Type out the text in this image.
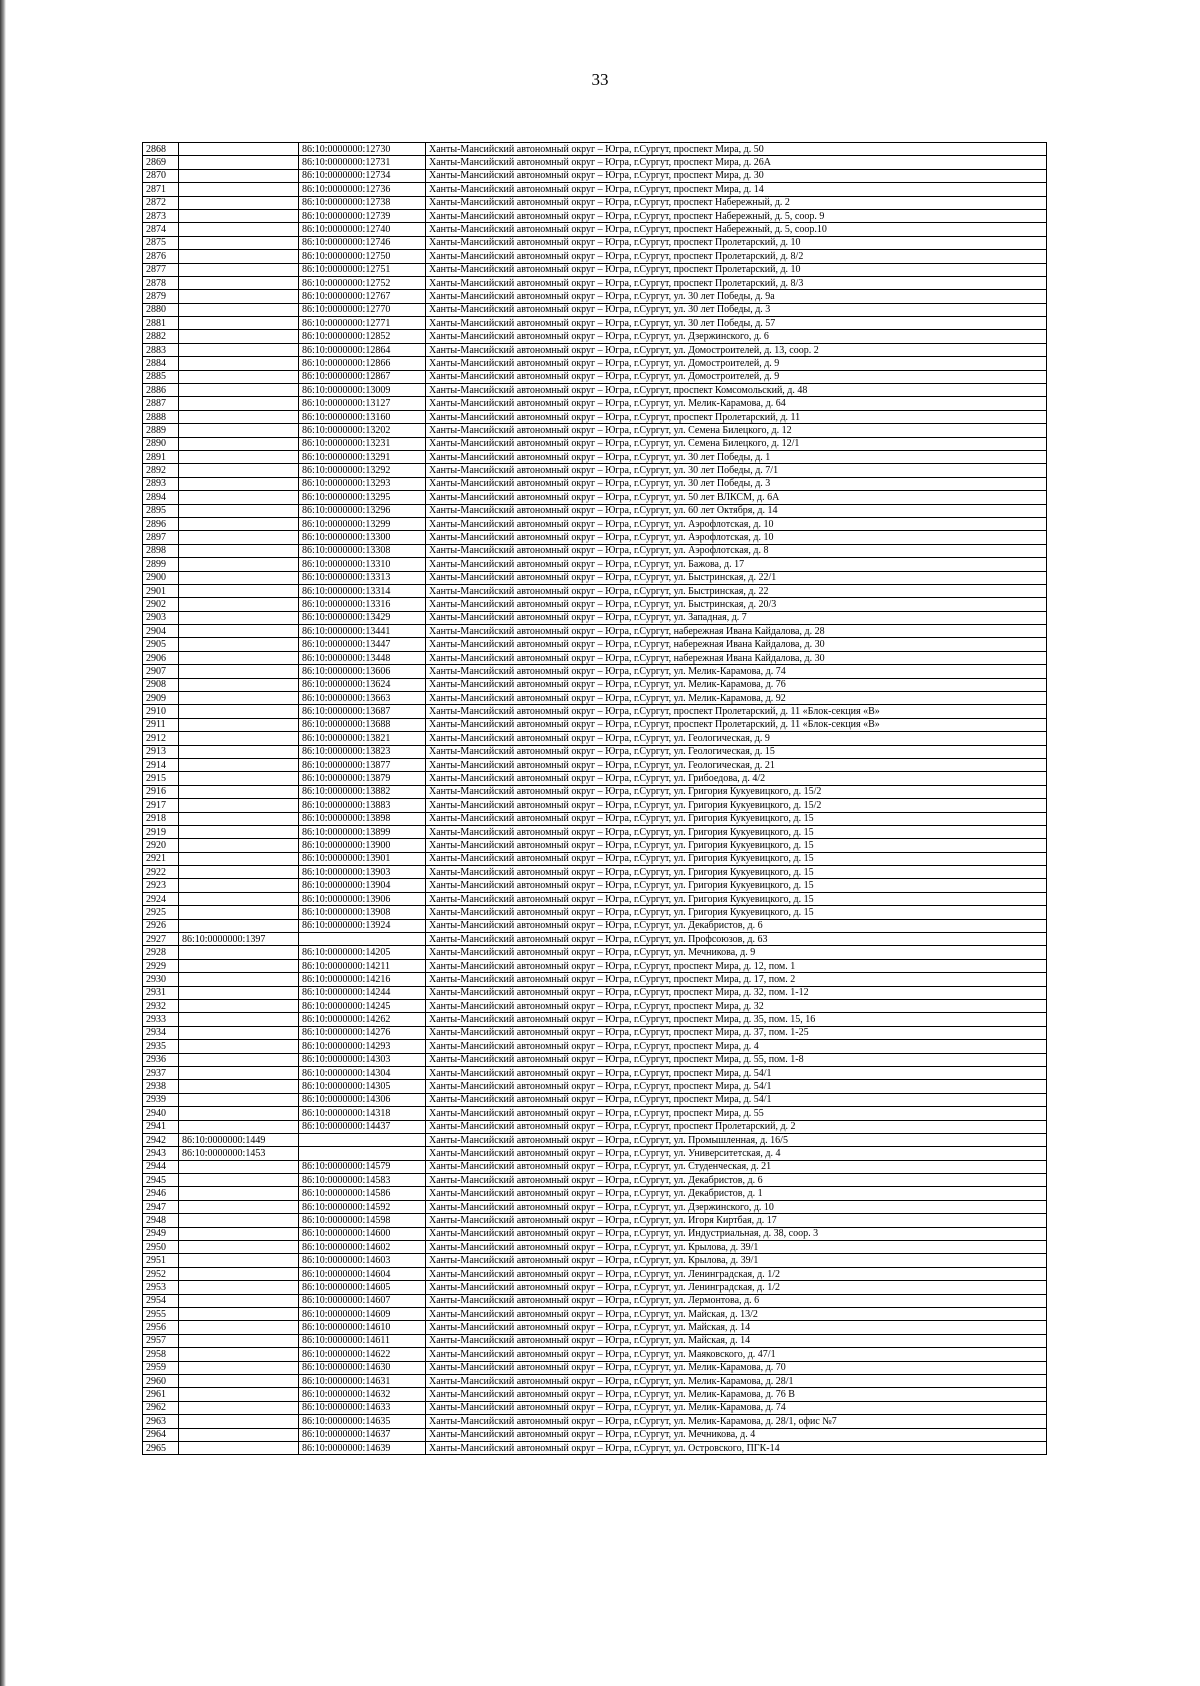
33
2868		86:10:0000000:12730	Ханты-Мансийский автономный округ – Югра, г.Сургут, проспект Мира, д. 50
2869		86:10:0000000:12731	Ханты-Мансийский автономный округ – Югра, г.Сургут, проспект Мира, д. 26А
2870		86:10:0000000:12734	Ханты-Мансийский автономный округ – Югра, г.Сургут, проспект Мира, д. 30
2871		86:10:0000000:12736	Ханты-Мансийский автономный округ – Югра, г.Сургут, проспект Мира, д. 14
2872		86:10:0000000:12738	Ханты-Мансийский автономный округ – Югра, г.Сургут, проспект Набережный, д. 2
2873		86:10:0000000:12739	Ханты-Мансийский автономный округ – Югра, г.Сургут, проспект Набережный, д. 5, соор. 9
2874		86:10:0000000:12740	Ханты-Мансийский автономный округ – Югра, г.Сургут, проспект Набережный, д. 5, соор.10
2875		86:10:0000000:12746	Ханты-Мансийский автономный округ – Югра, г.Сургут, проспект Пролетарский, д. 10
2876		86:10:0000000:12750	Ханты-Мансийский автономный округ – Югра, г.Сургут, проспект Пролетарский, д. 8/2
2877		86:10:0000000:12751	Ханты-Мансийский автономный округ – Югра, г.Сургут, проспект Пролетарский, д. 10
2878		86:10:0000000:12752	Ханты-Мансийский автономный округ – Югра, г.Сургут, проспект Пролетарский, д. 8/3
2879		86:10:0000000:12767	Ханты-Мансийский автономный округ – Югра, г.Сургут, ул. 30 лет Победы, д. 9а
2880		86:10:0000000:12770	Ханты-Мансийский автономный округ – Югра, г.Сургут, ул. 30 лет Победы, д. 3
2881		86:10:0000000:12771	Ханты-Мансийский автономный округ – Югра, г.Сургут, ул. 30 лет Победы, д. 57
2882		86:10:0000000:12852	Ханты-Мансийский автономный округ – Югра, г.Сургут, ул. Дзержинского, д. 6
2883		86:10:0000000:12864	Ханты-Мансийский автономный округ – Югра, г.Сургут, ул. Домостроителей, д. 13, соор. 2
2884		86:10:0000000:12866	Ханты-Мансийский автономный округ – Югра, г.Сургут, ул. Домостроителей, д. 9
2885		86:10:0000000:12867	Ханты-Мансийский автономный округ – Югра, г.Сургут, ул. Домостроителей, д. 9
2886		86:10:0000000:13009	Ханты-Мансийский автономный округ – Югра, г.Сургут, проспект Комсомольский, д. 48
2887		86:10:0000000:13127	Ханты-Мансийский автономный округ – Югра, г.Сургут, ул. Мелик-Карамова, д. 64
2888		86:10:0000000:13160	Ханты-Мансийский автономный округ – Югра, г.Сургут, проспект Пролетарский, д. 11
2889		86:10:0000000:13202	Ханты-Мансийский автономный округ – Югра, г.Сургут, ул. Семена Билецкого, д. 12
2890		86:10:0000000:13231	Ханты-Мансийский автономный округ – Югра, г.Сургут, ул. Семена Билецкого, д. 12/1
2891		86:10:0000000:13291	Ханты-Мансийский автономный округ – Югра, г.Сургут, ул. 30 лет Победы, д. 1
2892		86:10:0000000:13292	Ханты-Мансийский автономный округ – Югра, г.Сургут, ул. 30 лет Победы, д. 7/1
2893		86:10:0000000:13293	Ханты-Мансийский автономный округ – Югра, г.Сургут, ул. 30 лет Победы, д. 3
2894		86:10:0000000:13295	Ханты-Мансийский автономный округ – Югра, г.Сургут, ул. 50 лет ВЛКСМ, д. 6А
2895		86:10:0000000:13296	Ханты-Мансийский автономный округ – Югра, г.Сургут, ул. 60 лет Октября, д. 14
2896		86:10:0000000:13299	Ханты-Мансийский автономный округ – Югра, г.Сургут, ул. Аэрофлотская, д. 10
2897		86:10:0000000:13300	Ханты-Мансийский автономный округ – Югра, г.Сургут, ул. Аэрофлотская, д. 10
2898		86:10:0000000:13308	Ханты-Мансийский автономный округ – Югра, г.Сургут, ул. Аэрофлотская, д. 8
2899		86:10:0000000:13310	Ханты-Мансийский автономный округ – Югра, г.Сургут, ул. Бажова, д. 17
2900		86:10:0000000:13313	Ханты-Мансийский автономный округ – Югра, г.Сургут, ул. Быстринская, д. 22/1
2901		86:10:0000000:13314	Ханты-Мансийский автономный округ – Югра, г.Сургут, ул. Быстринская, д. 22
2902		86:10:0000000:13316	Ханты-Мансийский автономный округ – Югра, г.Сургут, ул. Быстринская, д. 20/3
2903		86:10:0000000:13429	Ханты-Мансийский автономный округ – Югра, г.Сургут, ул. Западная, д. 7
2904		86:10:0000000:13441	Ханты-Мансийский автономный округ – Югра, г.Сургут, набережная Ивана Кайдалова, д. 28
2905		86:10:0000000:13447	Ханты-Мансийский автономный округ – Югра, г.Сургут, набережная Ивана Кайдалова, д. 30
2906		86:10:0000000:13448	Ханты-Мансийский автономный округ – Югра, г.Сургут, набережная Ивана Кайдалова, д. 30
2907		86:10:0000000:13606	Ханты-Мансийский автономный округ – Югра, г.Сургут, ул. Мелик-Карамова, д. 74
2908		86:10:0000000:13624	Ханты-Мансийский автономный округ – Югра, г.Сургут, ул. Мелик-Карамова, д. 76
2909		86:10:0000000:13663	Ханты-Мансийский автономный округ – Югра, г.Сургут, ул. Мелик-Карамова, д. 92
2910		86:10:0000000:13687	Ханты-Мансийский автономный округ – Югра, г.Сургут, проспект Пролетарский, д. 11 «Блок-секция «В»
2911		86:10:0000000:13688	Ханты-Мансийский автономный округ – Югра, г.Сургут, проспект Пролетарский, д. 11 «Блок-секция «В»
2912		86:10:0000000:13821	Ханты-Мансийский автономный округ – Югра, г.Сургут, ул. Геологическая, д. 9
2913		86:10:0000000:13823	Ханты-Мансийский автономный округ – Югра, г.Сургут, ул. Геологическая, д. 15
2914		86:10:0000000:13877	Ханты-Мансийский автономный округ – Югра, г.Сургут, ул. Геологическая, д. 21
2915		86:10:0000000:13879	Ханты-Мансийский автономный округ – Югра, г.Сургут, ул. Грибоедова, д. 4/2
2916		86:10:0000000:13882	Ханты-Мансийский автономный округ – Югра, г.Сургут, ул. Григория Кукуевицкого, д. 15/2
2917		86:10:0000000:13883	Ханты-Мансийский автономный округ – Югра, г.Сургут, ул. Григория Кукуевицкого, д. 15/2
2918		86:10:0000000:13898	Ханты-Мансийский автономный округ – Югра, г.Сургут, ул. Григория Кукуевицкого, д. 15
2919		86:10:0000000:13899	Ханты-Мансийский автономный округ – Югра, г.Сургут, ул. Григория Кукуевицкого, д. 15
2920		86:10:0000000:13900	Ханты-Мансийский автономный округ – Югра, г.Сургут, ул. Григория Кукуевицкого, д. 15
2921		86:10:0000000:13901	Ханты-Мансийский автономный округ – Югра, г.Сургут, ул. Григория Кукуевицкого, д. 15
2922		86:10:0000000:13903	Ханты-Мансийский автономный округ – Югра, г.Сургут, ул. Григория Кукуевицкого, д. 15
2923		86:10:0000000:13904	Ханты-Мансийский автономный округ – Югра, г.Сургут, ул. Григория Кукуевицкого, д. 15
2924		86:10:0000000:13906	Ханты-Мансийский автономный округ – Югра, г.Сургут, ул. Григория Кукуевицкого, д. 15
2925		86:10:0000000:13908	Ханты-Мансийский автономный округ – Югра, г.Сургут, ул. Григория Кукуевицкого, д. 15
2926		86:10:0000000:13924	Ханты-Мансийский автономный округ – Югра, г.Сургут, ул. Декабристов, д. 6
2927	86:10:0000000:1397		Ханты-Мансийский автономный округ – Югра, г.Сургут, ул. Профсоюзов, д. 63
2928		86:10:0000000:14205	Ханты-Мансийский автономный округ – Югра, г.Сургут, ул. Мечникова, д. 9
2929		86:10:0000000:14211	Ханты-Мансийский автономный округ – Югра, г.Сургут, проспект Мира, д. 12, пом. 1
2930		86:10:0000000:14216	Ханты-Мансийский автономный округ – Югра, г.Сургут, проспект Мира, д. 17, пом. 2
2931		86:10:0000000:14244	Ханты-Мансийский автономный округ – Югра, г.Сургут, проспект Мира, д. 32, пом. 1-12
2932		86:10:0000000:14245	Ханты-Мансийский автономный округ – Югра, г.Сургут, проспект Мира, д. 32
2933		86:10:0000000:14262	Ханты-Мансийский автономный округ – Югра, г.Сургут, проспект Мира, д. 35, пом. 15, 16
2934		86:10:0000000:14276	Ханты-Мансийский автономный округ – Югра, г.Сургут, проспект Мира, д. 37, пом. 1-25
2935		86:10:0000000:14293	Ханты-Мансийский автономный округ – Югра, г.Сургут, проспект Мира, д. 4
2936		86:10:0000000:14303	Ханты-Мансийский автономный округ – Югра, г.Сургут, проспект Мира, д. 55, пом. 1-8
2937		86:10:0000000:14304	Ханты-Мансийский автономный округ – Югра, г.Сургут, проспект Мира, д. 54/1
2938		86:10:0000000:14305	Ханты-Мансийский автономный округ – Югра, г.Сургут, проспект Мира, д. 54/1
2939		86:10:0000000:14306	Ханты-Мансийский автономный округ – Югра, г.Сургут, проспект Мира, д. 54/1
2940		86:10:0000000:14318	Ханты-Мансийский автономный округ – Югра, г.Сургут, проспект Мира, д. 55
2941		86:10:0000000:14437	Ханты-Мансийский автономный округ – Югра, г.Сургут, проспект Пролетарский, д. 2
2942	86:10:0000000:1449		Ханты-Мансийский автономный округ – Югра, г.Сургут, ул. Промышленная, д. 16/5
2943	86:10:0000000:1453		Ханты-Мансийский автономный округ – Югра, г.Сургут, ул. Университетская, д. 4
2944		86:10:0000000:14579	Ханты-Мансийский автономный округ – Югра, г.Сургут, ул. Студенческая, д. 21
2945		86:10:0000000:14583	Ханты-Мансийский автономный округ – Югра, г.Сургут, ул. Декабристов, д. 6
2946		86:10:0000000:14586	Ханты-Мансийский автономный округ – Югра, г.Сургут, ул. Декабристов, д. 1
2947		86:10:0000000:14592	Ханты-Мансийский автономный округ – Югра, г.Сургут, ул. Дзержинского, д. 10
2948		86:10:0000000:14598	Ханты-Мансийский автономный округ – Югра, г.Сургут, ул. Игоря Киртбая, д. 17
2949		86:10:0000000:14600	Ханты-Мансийский автономный округ – Югра, г.Сургут, ул. Индустриальная, д. 38, соор. 3
2950		86:10:0000000:14602	Ханты-Мансийский автономный округ – Югра, г.Сургут, ул. Крылова, д. 39/1
2951		86:10:0000000:14603	Ханты-Мансийский автономный округ – Югра, г.Сургут, ул. Крылова, д. 39/1
2952		86:10:0000000:14604	Ханты-Мансийский автономный округ – Югра, г.Сургут, ул. Ленинградская, д. 1/2
2953		86:10:0000000:14605	Ханты-Мансийский автономный округ – Югра, г.Сургут, ул. Ленинградская, д. 1/2
2954		86:10:0000000:14607	Ханты-Мансийский автономный округ – Югра, г.Сургут, ул. Лермонтова, д. 6
2955		86:10:0000000:14609	Ханты-Мансийский автономный округ – Югра, г.Сургут, ул. Майская, д. 13/2
2956		86:10:0000000:14610	Ханты-Мансийский автономный округ – Югра, г.Сургут, ул. Майская, д. 14
2957		86:10:0000000:14611	Ханты-Мансийский автономный округ – Югра, г.Сургут, ул. Майская, д. 14
2958		86:10:0000000:14622	Ханты-Мансийский автономный округ – Югра, г.Сургут, ул. Маяковского, д. 47/1
2959		86:10:0000000:14630	Ханты-Мансийский автономный округ – Югра, г.Сургут, ул. Мелик-Карамова, д. 70
2960		86:10:0000000:14631	Ханты-Мансийский автономный округ – Югра, г.Сургут, ул. Мелик-Карамова, д. 28/1
2961		86:10:0000000:14632	Ханты-Мансийский автономный округ – Югра, г.Сургут, ул. Мелик-Карамова, д. 76 В
2962		86:10:0000000:14633	Ханты-Мансийский автономный округ – Югра, г.Сургут, ул. Мелик-Карамова, д. 74
2963		86:10:0000000:14635	Ханты-Мансийский автономный округ – Югра, г.Сургут, ул. Мелик-Карамова, д. 28/1, офис №7
2964		86:10:0000000:14637	Ханты-Мансийский автономный округ – Югра, г.Сургут, ул. Мечникова, д. 4
2965		86:10:0000000:14639	Ханты-Мансийский автономный округ – Югра, г.Сургут, ул. Островского, ПГК-14
